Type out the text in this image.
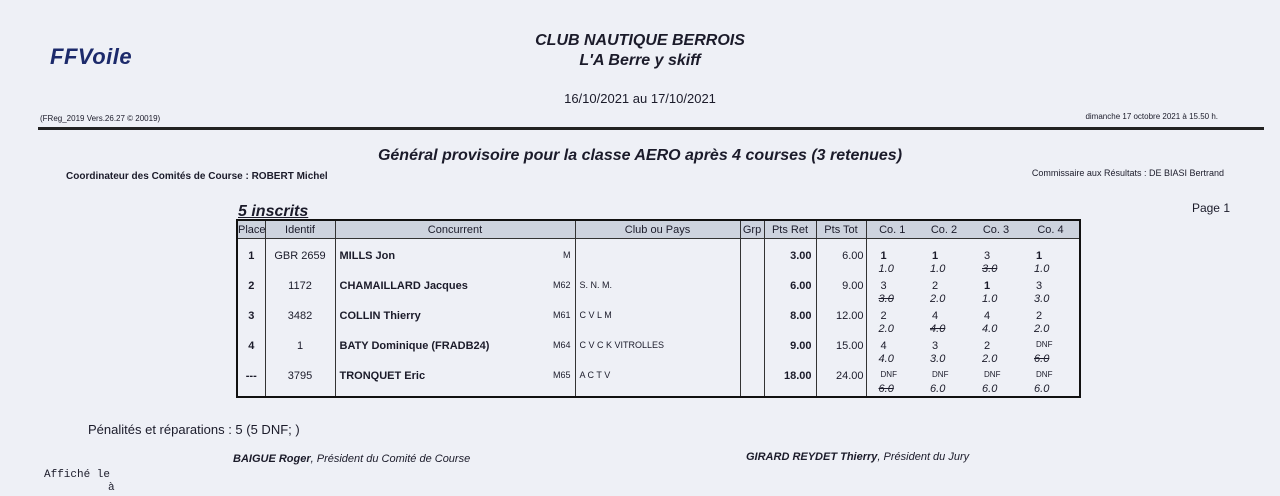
FFVoile
CLUB NAUTIQUE BERROIS
L'A Berre y skiff
16/10/2021 au 17/10/2021
(FReg_2019 Vers.26.27 © 20019)	dimanche 17 octobre 2021 à 15.50 h.
Général provisoire pour la classe AERO après 4 courses (3 retenues)
Coordinateur des Comités de Course : ROBERT Michel	Commissaire aux Résultats : DE BIASI Bertrand
Page 1
5 inscrits
Place	Identif	Concurrent		Club ou Pays	Grp	Pts Ret	Pts Tot	Co. 1	Co. 2	Co. 3	Co. 4

1	GBR 2659	MILLS Jon	M			3.00	6.00	1	1	3	1
								1.0	1.0	3.0	1.0
2	1172	CHAMAILLARD Jacques	M62	S. N. M.		6.00	9.00	3	2	1	3
								3.0	2.0	1.0	3.0
3	3482	COLLIN Thierry	M61	C V L M		8.00	12.00	2	4	4	2
								2.0	4.0	4.0	2.0
4	1	BATY Dominique (FRADB24)	M64	C V C K VITROLLES		9.00	15.00	4	3	2	DNF
								4.0	3.0	2.0	6.0
---	3795	TRONQUET Eric	M65	A C T V		18.00	24.00	DNF	DNF	DNF	DNF
								6.0	6.0	6.0	6.0
Pénalités et réparations : 5 (5 DNF; )
BAIGUE Roger, Président du Comité de Course	GIRARD REYDET Thierry, Président du Jury
Affiché le
à
